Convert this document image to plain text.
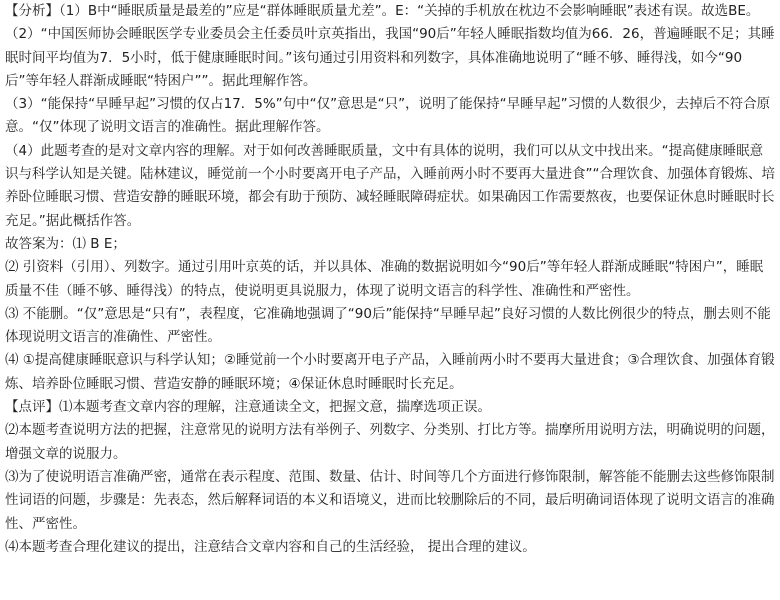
【分析】（1）B中“睡眠质量是最差的”应是“群体睡眠质量尤差”。E：“关掉的手机放在枕边不会影响睡眠”表述有误。故选BE。

（2）“中国医师协会睡眠医学专业委员会主任委员叶京英指出，我国“90后”年轻人睡眠指数均值为66．26，普遍睡眠不足；其睡眠时间平均值为7．5小时，低于健康睡眠时间。”该句通过引用资料和列数字，具体准确地说明了“睡不够、睡得浅，如今“90后”等年轻人群渐成睡眠“特困户””。据此理解作答。

（3）“能保持“早睡早起”习惯的仅占17．5%”句中“仅”意思是“只”，说明了能保持“早睡早起”习惯的人数很少，去掉后不符合原意。“仅”体现了说明文语言的准确性。据此理解作答。

（4）此题考查的是对文章内容的理解。对于如何改善睡眠质量，文中有具体的说明，我们可以从文中找出来。“提高健康睡眠意识与科学认知是关键。陆林建议，睡觉前一个小时要离开电子产品，入睡前两小时不要再大量进食”“合理饮食、加强体育锻炼、培养卧位睡眠习惯、营造安静的睡眠环境，都会有助于预防、减轻睡眠障碍症状。如果确因工作需要熬夜，也要保证休息时睡眠时长充足。”据此概括作答。

故答案为：⑴ B E；

⑵ 引资料（引用）、列数字。通过引用叶京英的话，并以具体、准确的数据说明如今“90后”等年轻人群渐成睡眠“特困户”，睡眠质量不佳（睡不够、睡得浅）的特点，使说明更具说服力，体现了说明文语言的科学性、准确性和严密性。

⑶ 不能删。“仅”意思是“只有”，表程度，它准确地强调了“90后”能保持“早睡早起”良好习惯的人数比例很少的特点，删去则不能体现说明文语言的准确性、严密性。

⑷ ①提高健康睡眠意识与科学认知；②睡觉前一个小时要离开电子产品，入睡前两小时不要再大量进食；③合理饮食、加强体育锻炼、培养卧位睡眠习惯、营造安静的睡眠环境；④保证休息时睡眠时长充足。

【点评】⑴本题考查文章内容的理解，注意通读全文，把握文意，揣摩选项正误。

⑵本题考查说明方法的把握，注意常见的说明方法有举例子、列数字、分类别、打比方等。揣摩所用说明方法，明确说明的问题，增强文章的说服力。

⑶为了使说明语言准确严密，通常在表示程度、范围、数量、估计、时间等几个方面进行修饰限制，解答能不能删去这些修饰限制性词语的问题，步骤是：先表态，然后解释词语的本义和语境义，进而比较删除后的不同，最后明确词语体现了说明文语言的准确性、严密性。

⑷本题考查合理化建议的提出，注意结合文章内容和自己的生活经验， 提出合理的建议。
